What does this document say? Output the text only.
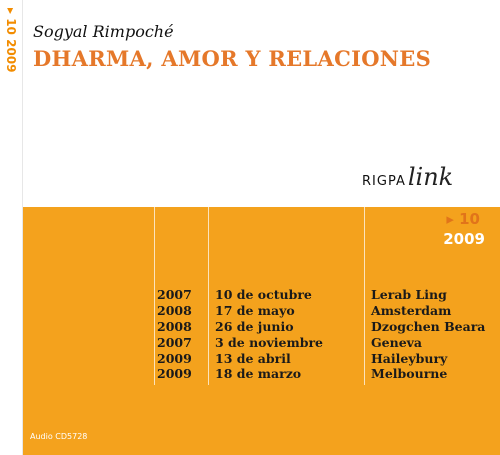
▸ 10 2009
Audio CD5728
Sogyal Rimpoché
DHARMA, AMOR Y RELACIONES
RIGPAlink
▸ 10
2009
2007	10 de octubre	Lerab Ling
2008	17 de mayo	Amsterdam
2008	26 de junio	Dzogchen Beara
2007	3 de noviembre	Geneva
2009	13 de abril	Haileybury
2009	18 de marzo	Melbourne
Audio CD5728
